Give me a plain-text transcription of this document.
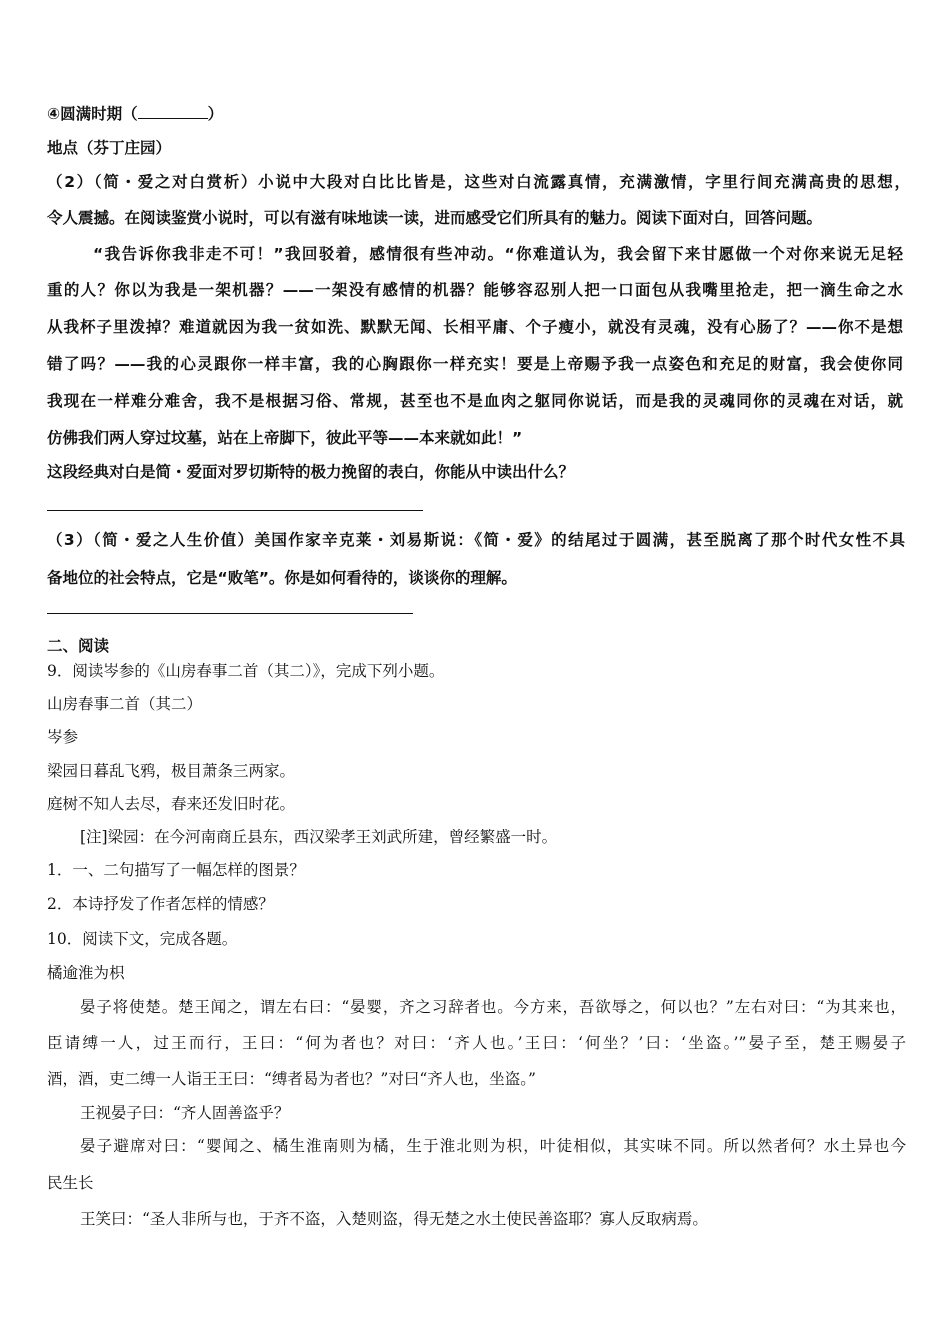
④圆满时期（	）
地点（芬丁庄园）
（2）（简・爱之对白赏析）小说中大段对白比比皆是，这些对白流露真情，充满激情，字里行间充满高贵的思想，
令人震撼。在阅读鉴赏小说时，可以有滋有味地读一读，进而感受它们所具有的魅力。阅读下面对白，回答问题。
“我告诉你我非走不可！”我回驳着，感情很有些冲动。“你难道认为，我会留下来甘愿做一个对你来说无足轻
重的人？你以为我是一架机器？——一架没有感情的机器？能够容忍别人把一口面包从我嘴里抢走，把一滴生命之水
从我杯子里泼掉？难道就因为我一贫如洗、默默无闻、长相平庸、个子瘦小，就没有灵魂，没有心肠了？——你不是想
错了吗？——我的心灵跟你一样丰富，我的心胸跟你一样充实！要是上帝赐予我一点姿色和充足的财富，我会使你同
我现在一样难分难舍，我不是根据习俗、常规，甚至也不是血肉之躯同你说话，而是我的灵魂同你的灵魂在对话，就
仿佛我们两人穿过坟墓，站在上帝脚下，彼此平等——本来就如此！”
这段经典对白是简・爱面对罗切斯特的极力挽留的表白，你能从中读出什么？
（3）（简・爱之人生价值）美国作家辛克莱・刘易斯说：《简・爱》的结尾过于圆满，甚至脱离了那个时代女性不具
备地位的社会特点，它是“败笔”。你是如何看待的，谈谈你的理解。
二、阅读
9．阅读岑参的《山房春事二首（其二）》，完成下列小题。
山房春事二首（其二）
岑参
梁园日暮乱飞鸦，极目萧条三两家。
庭树不知人去尽，春来还发旧时花。
[注]梁园：在今河南商丘县东，西汉梁孝王刘武所建，曾经繁盛一时。
1．一、二句描写了一幅怎样的图景？
2．本诗抒发了作者怎样的情感？
10．阅读下文，完成各题。
橘逾淮为枳
晏子将使楚。楚王闻之，谓左右曰：“晏婴，齐之习辞者也。今方来，吾欲辱之，何以也？”左右对曰：“为其来也，
臣请缚一人，过王而行，王曰：“何为者也？对曰：‘齐人也。’王曰：‘何坐？’曰：‘坐盗。’”晏子至，楚王赐晏子
酒，酒，吏二缚一人诣王王曰：“缚者曷为者也？”对曰“齐人也，坐盗。”
王视晏子曰：“齐人固善盗乎？
晏子避席对曰：“婴闻之、橘生淮南则为橘，生于淮北则为枳，叶徒相似，其实味不同。所以然者何？水土异也今
民生长
王笑曰：“圣人非所与也，于齐不盗，入楚则盗，得无楚之水土使民善盗耶？寡人反取病焉。
